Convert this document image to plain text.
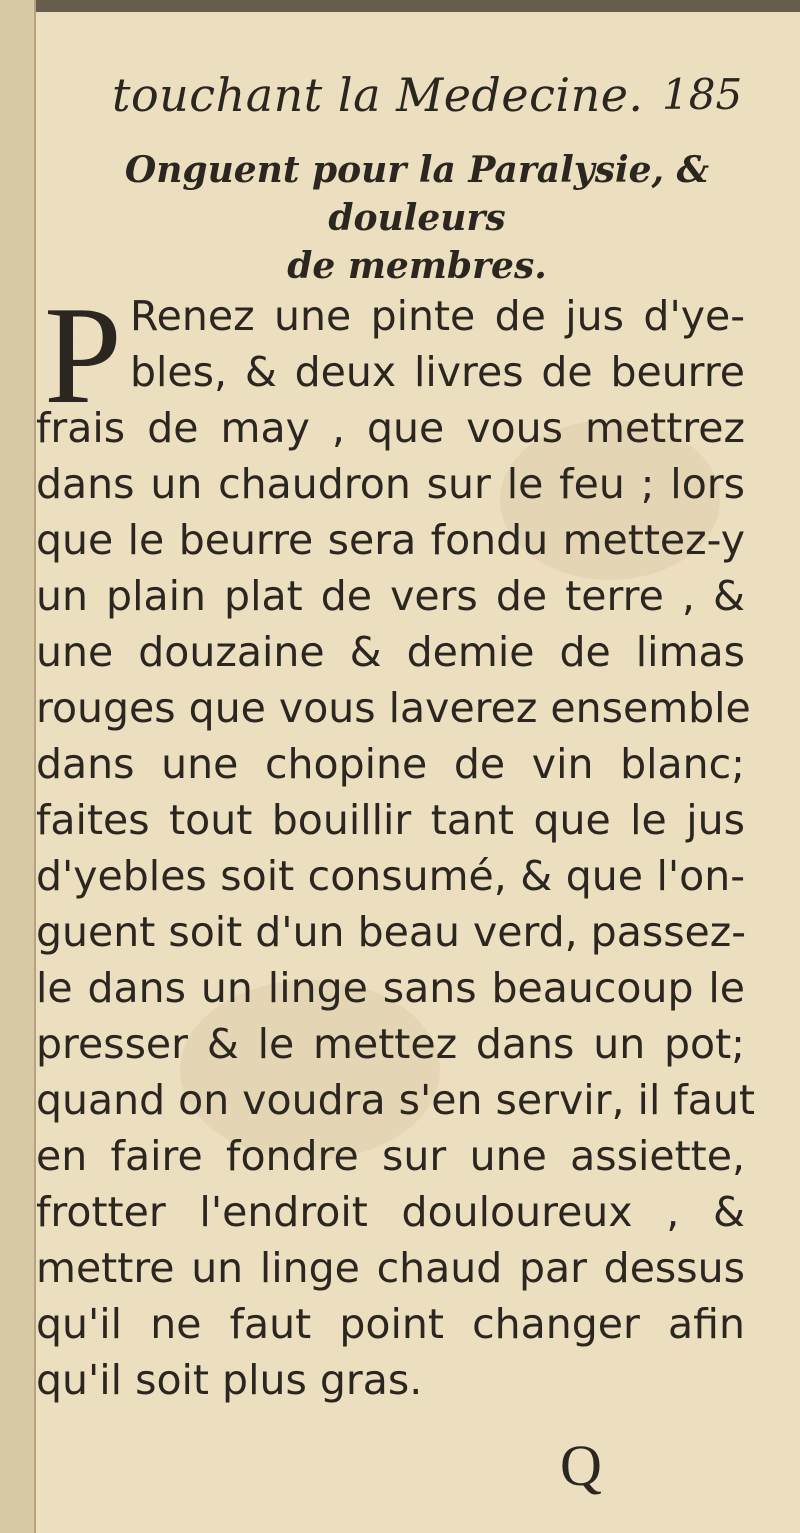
touchant la Medecine. 185
Onguent pour la Paralysie, & douleurs
de membres.
P Renez une pinte de jus d'ye-
bles, & deux livres de beurre
frais de may , que vous mettrez
dans un chaudron sur le feu ; lors
que le beurre sera fondu mettez-y
un plain plat de vers de terre , &
une douzaine & demie de limas
rouges que vous laverez ensemble
dans une chopine de vin blanc;
faites tout bouillir tant que le jus
d'yebles soit consumé, & que l'on-
guent soit d'un beau verd, passez-
le dans un linge sans beaucoup le
presser & le mettez dans un pot;
quand on voudra s'en servir, il faut
en faire fondre sur une assiette,
frotter l'endroit douloureux , &
mettre un linge chaud par dessus
qu'il ne faut point changer afin
qu'il soit plus gras.
Q
